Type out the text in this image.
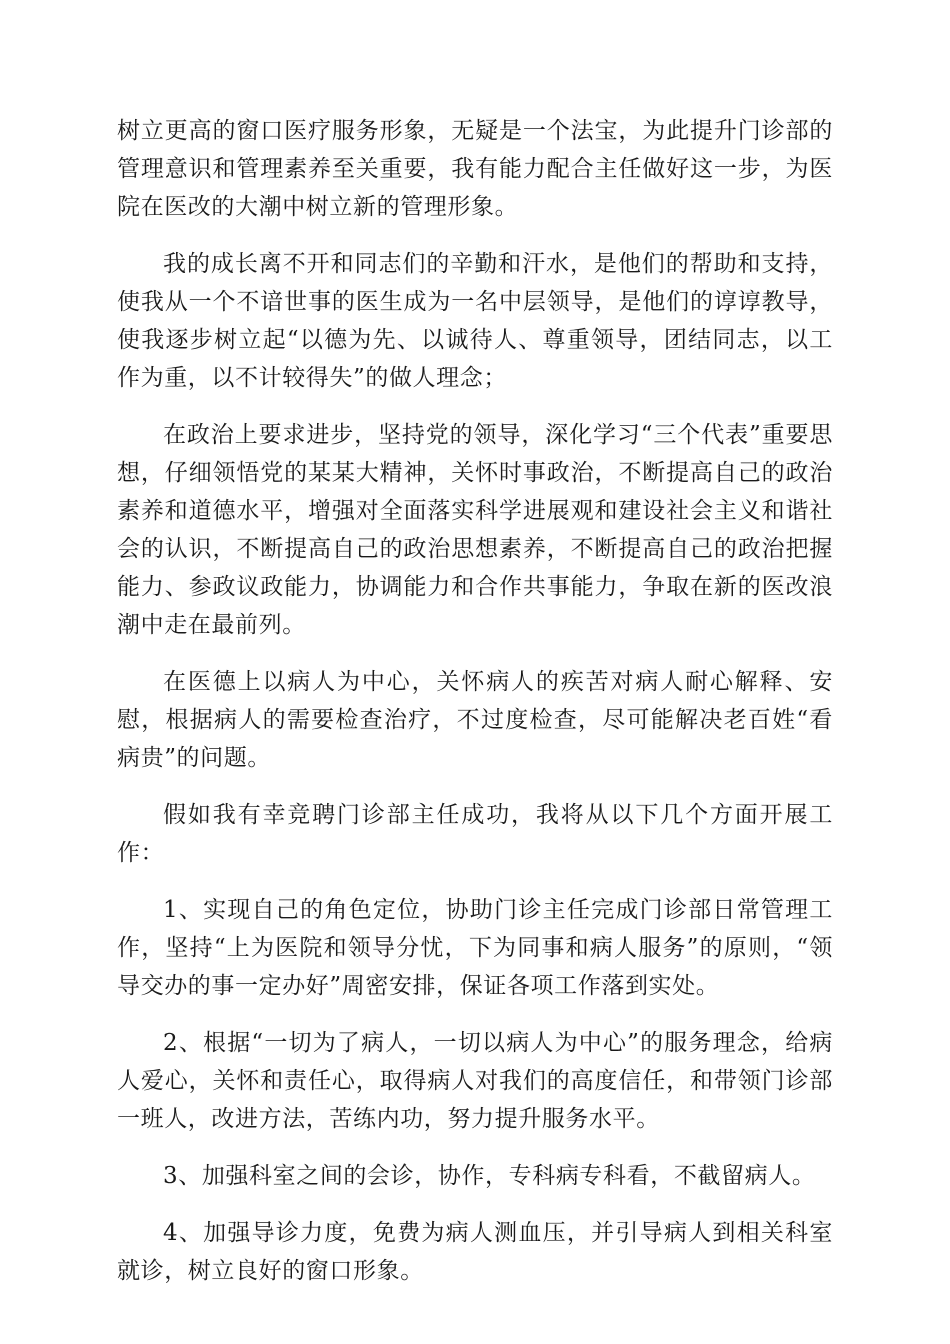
树立更高的窗口医疗服务形象，无疑是一个法宝，为此提升门诊部的管理意识和管理素养至关重要，我有能力配合主任做好这一步，为医院在医改的大潮中树立新的管理形象。

我的成长离不开和同志们的辛勤和汗水，是他们的帮助和支持，使我从一个不谙世事的医生成为一名中层领导，是他们的谆谆教导，使我逐步树立起“以德为先、以诚待人、尊重领导，团结同志，以工作为重，以不计较得失”的做人理念；

在政治上要求进步，坚持党的领导，深化学习“三个代表”重要思想，仔细领悟党的某某大精神，关怀时事政治，不断提高自己的政治素养和道德水平，增强对全面落实科学进展观和建设社会主义和谐社会的认识，不断提高自己的政治思想素养，不断提高自己的政治把握能力、参政议政能力，协调能力和合作共事能力，争取在新的医改浪潮中走在最前列。

在医德上以病人为中心，关怀病人的疾苦对病人耐心解释、安慰，根据病人的需要检查治疗，不过度检查，尽可能解决老百姓“看病贵”的问题。

假如我有幸竞聘门诊部主任成功，我将从以下几个方面开展工作：

1、实现自己的角色定位，协助门诊主任完成门诊部日常管理工作，坚持“上为医院和领导分忧，下为同事和病人服务”的原则，“领导交办的事一定办好”周密安排，保证各项工作落到实处。

2、根据“一切为了病人，一切以病人为中心”的服务理念，给病人爱心，关怀和责任心，取得病人对我们的高度信任，和带领门诊部一班人，改进方法，苦练内功，努力提升服务水平。

3、加强科室之间的会诊，协作，专科病专科看，不截留病人。

4、加强导诊力度，免费为病人测血压，并引导病人到相关科室就诊，树立良好的窗口形象。
